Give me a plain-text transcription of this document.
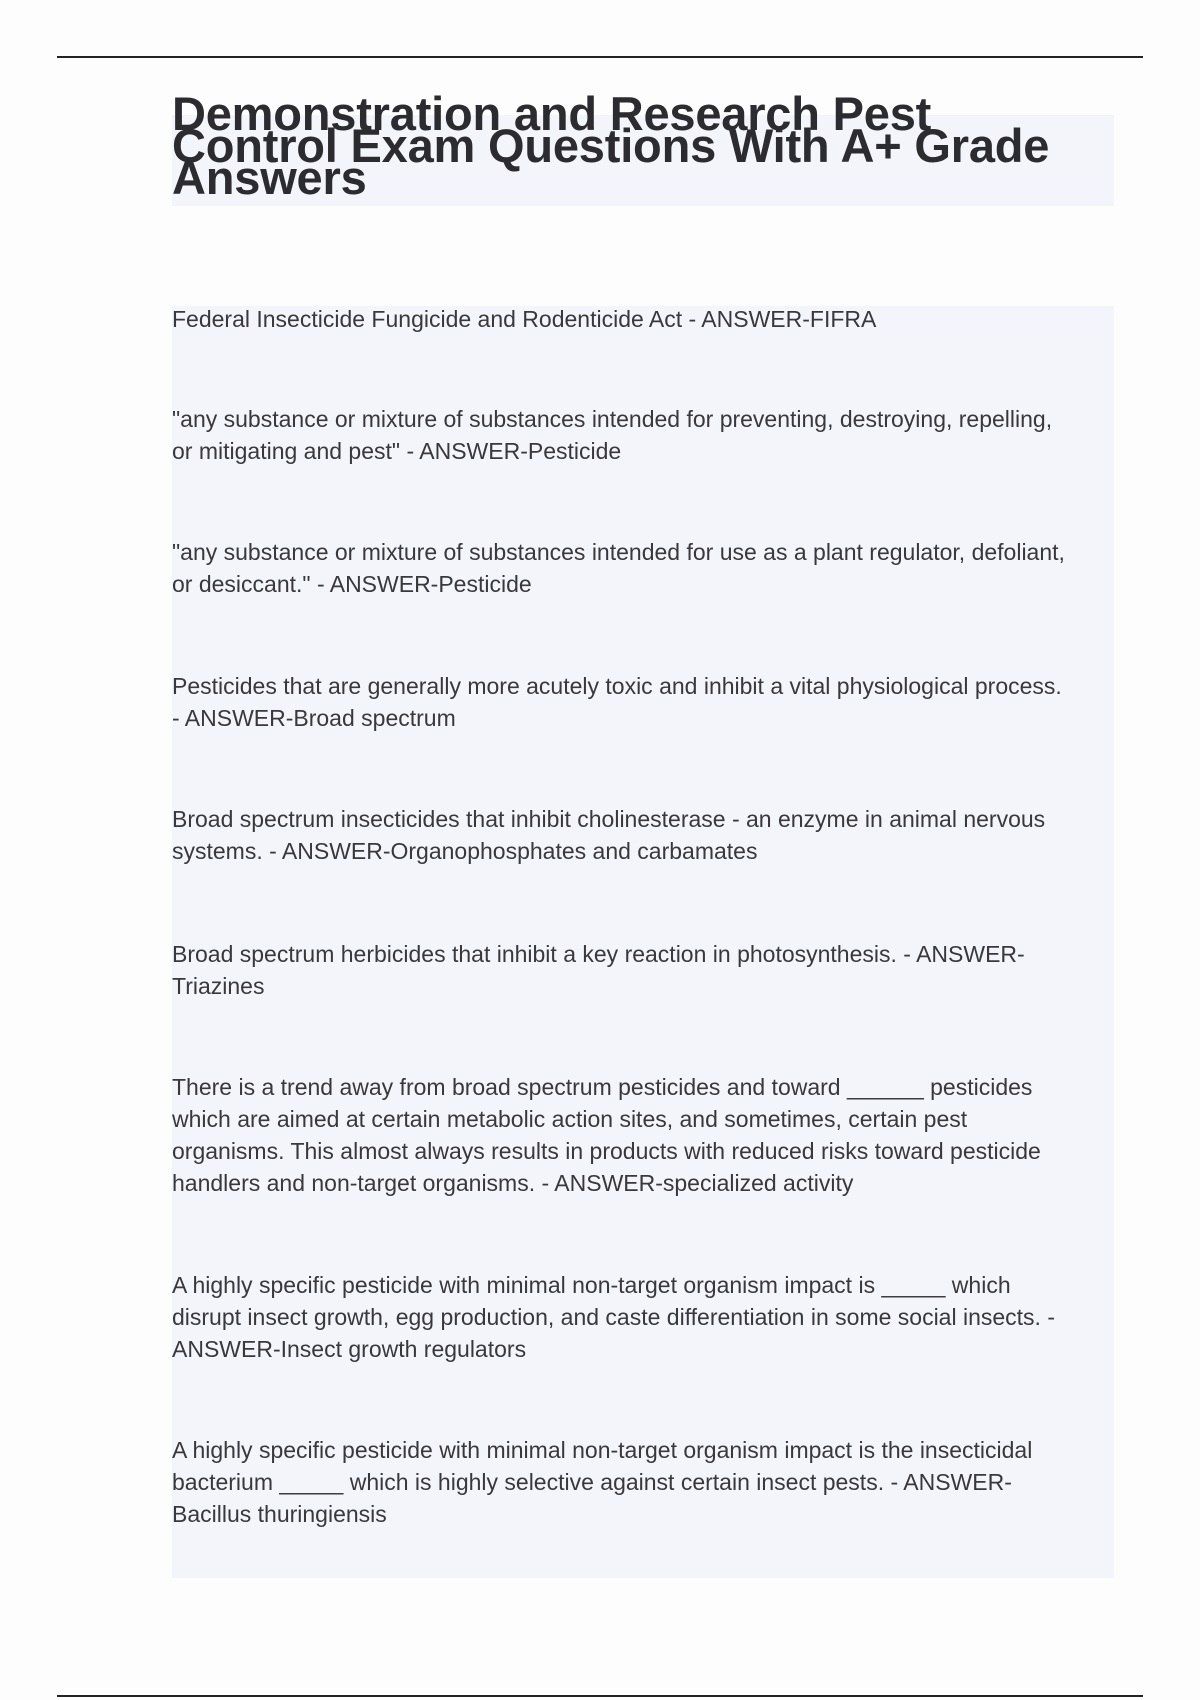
Demonstration and Research Pest
Control Exam Questions With A+ Grade
Answers

Federal Insecticide Fungicide and Rodenticide Act - ANSWER-FIFRA

"any substance or mixture of substances intended for preventing, destroying, repelling,
or mitigating and pest" - ANSWER-Pesticide

"any substance or mixture of substances intended for use as a plant regulator, defoliant,
or desiccant." - ANSWER-Pesticide

Pesticides that are generally more acutely toxic and inhibit a vital physiological process.
- ANSWER-Broad spectrum

Broad spectrum insecticides that inhibit cholinesterase - an enzyme in animal nervous
systems. - ANSWER-Organophosphates and carbamates

Broad spectrum herbicides that inhibit a key reaction in photosynthesis. - ANSWER-
Triazines

There is a trend away from broad spectrum pesticides and toward ______ pesticides
which are aimed at certain metabolic action sites, and sometimes, certain pest
organisms. This almost always results in products with reduced risks toward pesticide
handlers and non-target organisms. - ANSWER-specialized activity

A highly specific pesticide with minimal non-target organism impact is _____ which
disrupt insect growth, egg production, and caste differentiation in some social insects. -
ANSWER-Insect growth regulators

A highly specific pesticide with minimal non-target organism impact is the insecticidal
bacterium _____ which is highly selective against certain insect pests. - ANSWER-
Bacillus thuringiensis
